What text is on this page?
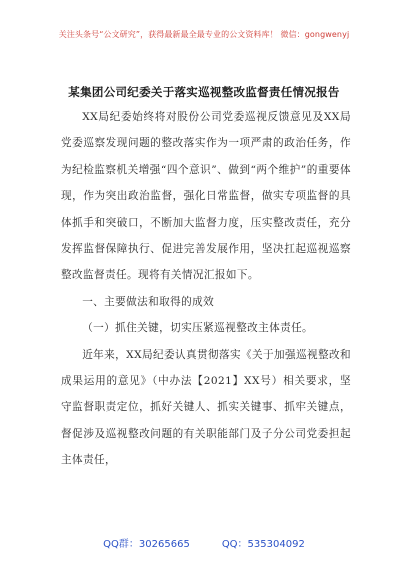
关注头条号“公文研究”，获得最新最全最专业的公文资料库！ 微信：gongwenyj
某集团公司纪委关于落实巡视整改监督责任情况报告

XX局纪委始终将对股份公司党委巡视反馈意见及XX局党委巡察发现问题的整改落实作为一项严肃的政治任务，作为纪检监察机关增强“四个意识”、做到“两个维护”的重要体现，作为突出政治监督，强化日常监督，做实专项监督的具体抓手和突破口，不断加大监督力度，压实整改责任，充分发挥监督保障执行、促进完善发展作用，坚决扛起巡视巡察整改监督责任。现将有关情况汇报如下。

一、主要做法和取得的成效

（一）抓住关键，切实压紧巡视整改主体责任。

近年来，XX局纪委认真贯彻落实《关于加强巡视整改和成果运用的意见》（中办法【2021】XX号）相关要求，坚守监督职责定位，抓好关键人、抓实关键事、抓牢关键点，督促涉及巡视整改问题的有关职能部门及子分公司党委担起主体责任，

QQ群：30265665	QQ：535304092
